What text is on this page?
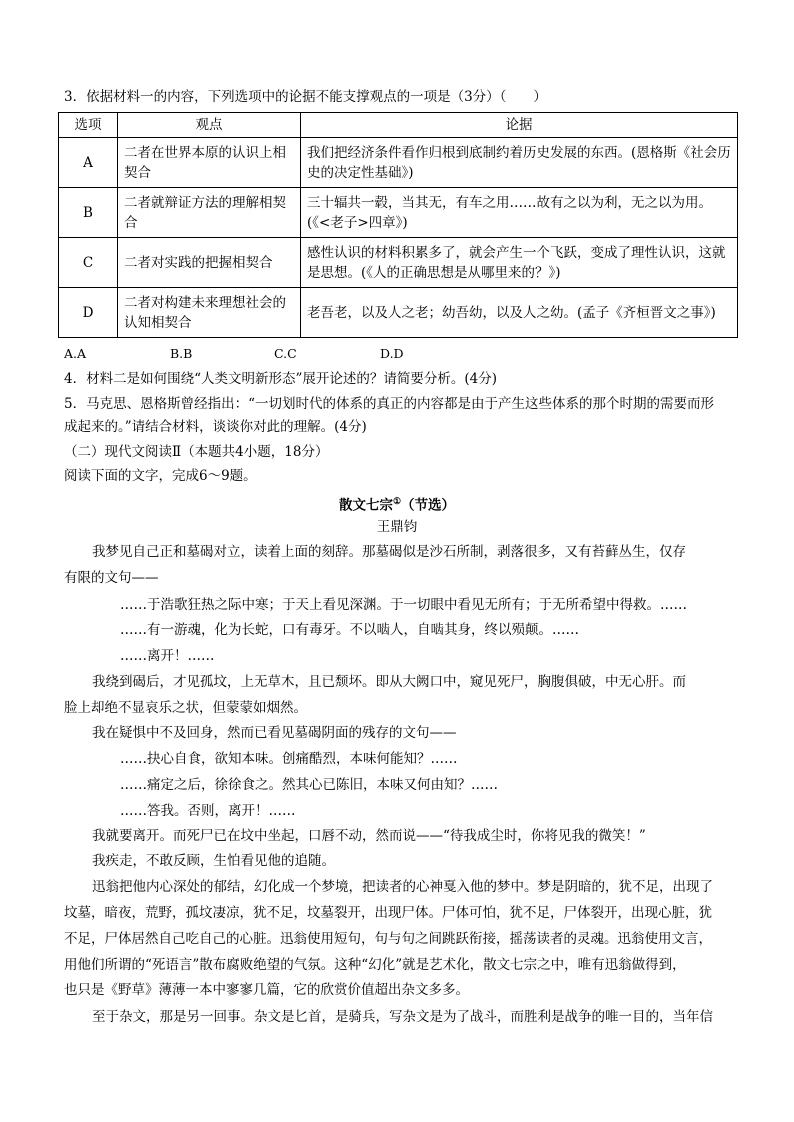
3．依据材料一的内容，下列选项中的论据不能支撑观点的一项是（3分）（　　）
选项	观点	论据
A	二者在世界本原的认识上相契合	我们把经济条件看作归根到底制约着历史发展的东西。(恩格斯《社会历史的决定性基础》)
B	二者就辩证方法的理解相契合	三十辐共一毂，当其无，有车之用……故有之以为利，无之以为用。(《<老子>四章》)
C	二者对实践的把握相契合	感性认识的材料积累多了，就会产生一个飞跃，变成了理性认识，这就是思想。(《人的正确思想是从哪里来的？》)
D	二者对构建未来理想社会的认知相契合	老吾老，以及人之老；幼吾幼，以及人之幼。(孟子《齐桓晋文之事》)
A.A	B.B	C.C	D.D
4．材料二是如何围绕“人类文明新形态”展开论述的？请简要分析。(4分)
5．马克思、恩格斯曾经指出：“一切划时代的体系的真正的内容都是由于产生这些体系的那个时期的需要而形
成起来的。”请结合材料，谈谈你对此的理解。(4分)
（二）现代文阅读Ⅱ（本题共4小题，18分）
阅读下面的文字，完成6～9题。
散文七宗①（节选）
王鼎钧
我梦见自己正和墓碣对立，读着上面的刻辞。那墓碣似是沙石所制，剥落很多，又有苔藓丛生，仅存
有限的文句——
……于浩歌狂热之际中寒；于天上看见深渊。于一切眼中看见无所有；于无所希望中得救。……
……有一游魂，化为长蛇，口有毒牙。不以啮人，自啮其身，终以殒颠。……
……离开！……
我绕到碣后，才见孤坟，上无草木，且已颓坏。即从大阙口中，窥见死尸，胸腹俱破，中无心肝。而
脸上却绝不显哀乐之状，但蒙蒙如烟然。
我在疑惧中不及回身，然而已看见墓碣阴面的残存的文句——
……抉心自食，欲知本味。创痛酷烈，本味何能知？……
……痛定之后，徐徐食之。然其心已陈旧，本味又何由知？……
……答我。否则，离开！……
我就要离开。而死尸已在坟中坐起，口唇不动，然而说——“待我成尘时，你将见我的微笑！”
我疾走，不敢反顾，生怕看见他的追随。
迅翁把他内心深处的郁结，幻化成一个梦境，把读者的心神戛入他的梦中。梦是阴暗的，犹不足，出现了
坟墓，暗夜，荒野，孤坟凄凉，犹不足，坟墓裂开，出现尸体。尸体可怕，犹不足，尸体裂开，出现心脏，犹
不足，尸体居然自己吃自己的心脏。迅翁使用短句，句与句之间跳跃衔接，摇荡读者的灵魂。迅翁使用文言，
用他们所谓的“死语言”散布腐败绝望的气氛。这种“幻化”就是艺术化，散文七宗之中，唯有迅翁做得到，
也只是《野草》薄薄一本中寥寥几篇，它的欣赏价值超出杂文多多。
至于杂文，那是另一回事。杂文是匕首，是骑兵，写杂文是为了战斗，而胜利是战争的唯一目的，当年信
